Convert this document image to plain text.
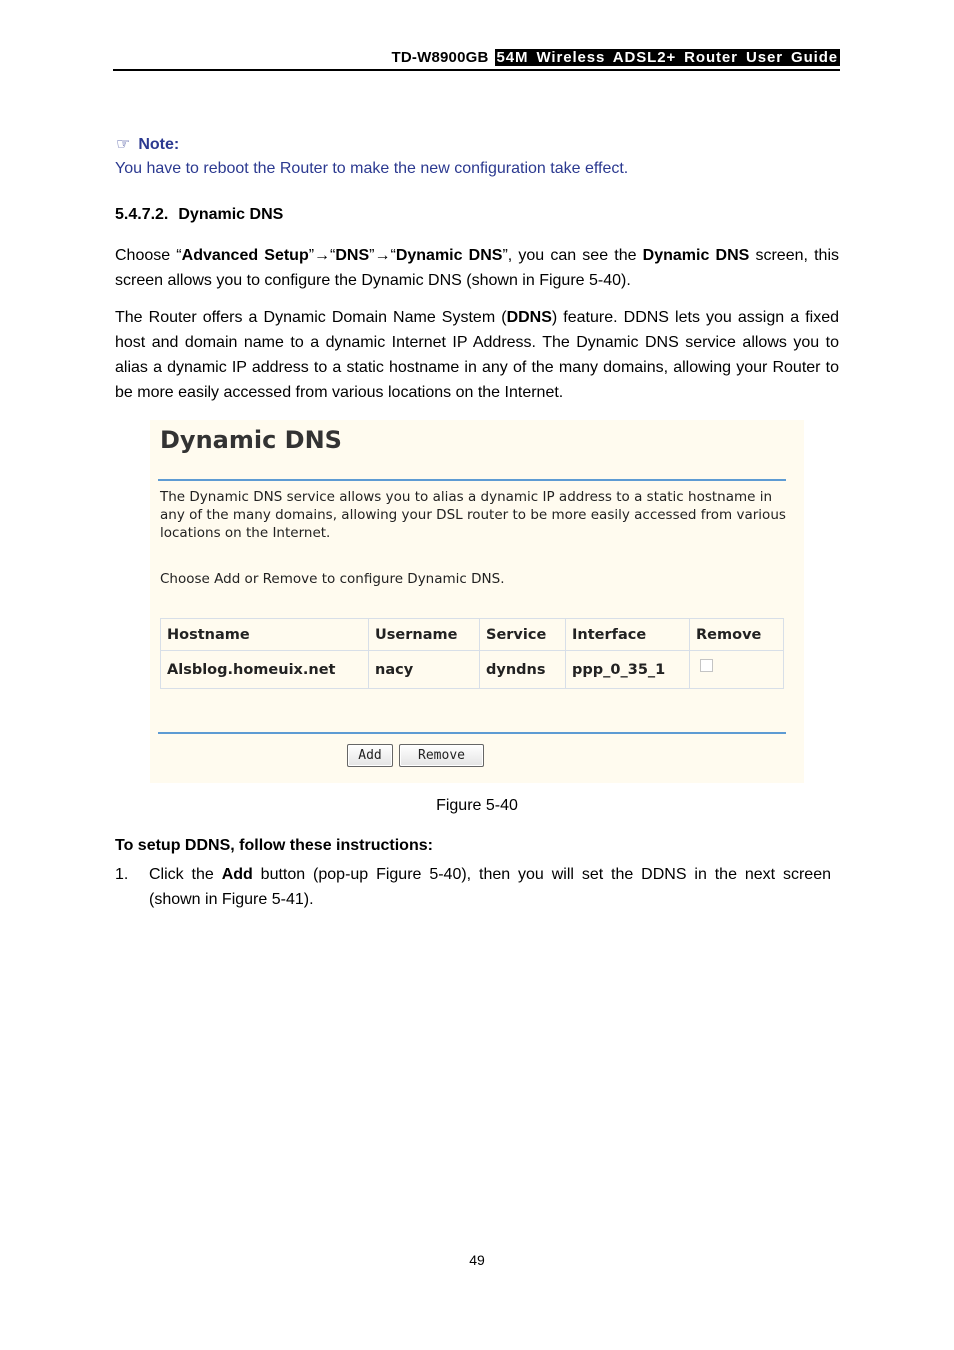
TD-W8900GB 54M Wireless ADSL2+ Router User Guide
☞ Note:
You have to reboot the Router to make the new configuration take effect.
5.4.7.2. Dynamic DNS
Choose “Advanced Setup”→“DNS”→“Dynamic DNS”, you can see the Dynamic DNS screen, this screen allows you to configure the Dynamic DNS (shown in Figure 5-40).
The Router offers a Dynamic Domain Name System (DDNS) feature. DDNS lets you assign a fixed host and domain name to a dynamic Internet IP Address. The Dynamic DNS service allows you to alias a dynamic IP address to a static hostname in any of the many domains, allowing your Router to be more easily accessed from various locations on the Internet.
Dynamic DNS
The Dynamic DNS service allows you to alias a dynamic IP address to a static hostname in any of the many domains, allowing your DSL router to be more easily accessed from various locations on the Internet.
Choose Add or Remove to configure Dynamic DNS.
Hostname	Username	Service	Interface	Remove
Alsblog.homeuix.net	nacy	dyndns	ppp_0_35_1	
Add	Remove
Figure 5-40
To setup DDNS, follow these instructions:
1. Click the Add button (pop-up Figure 5-40), then you will set the DDNS in the next screen (shown in Figure 5-41).
49
